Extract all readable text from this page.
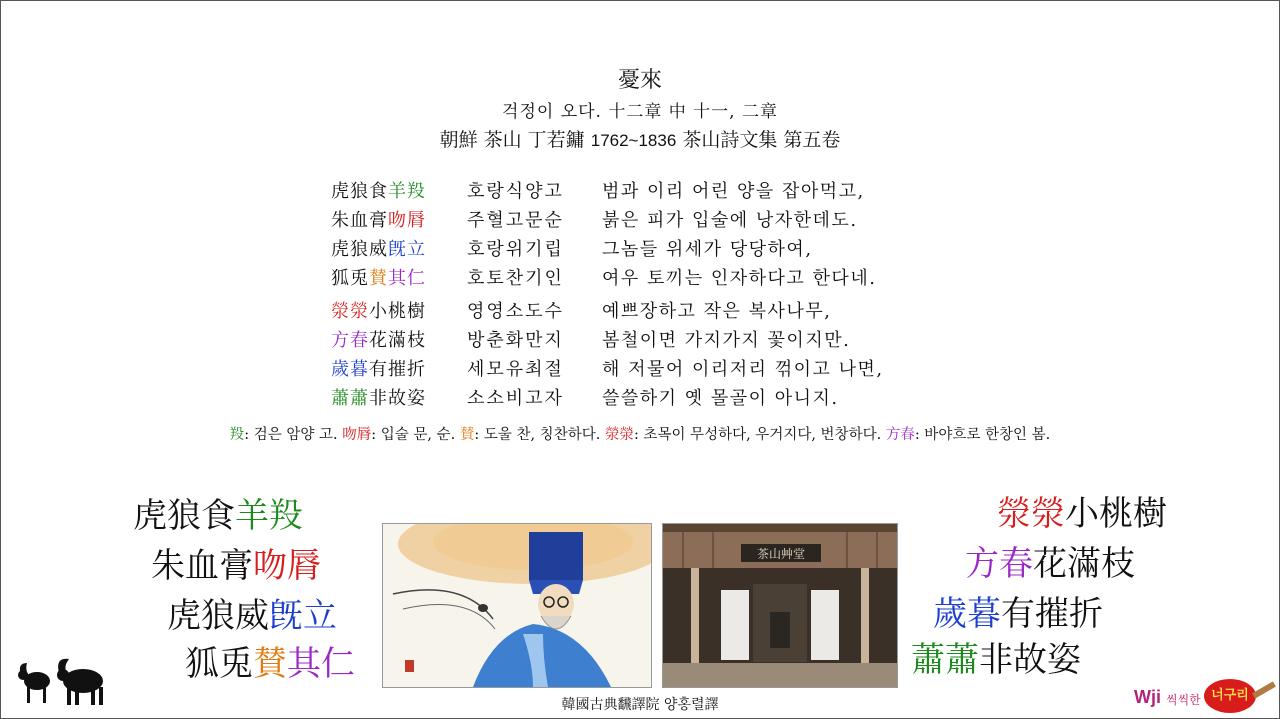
憂來
걱정이 오다. 十二章 中 十一, 二章
朝鮮 茶山 丁若鏞 1762~1836 茶山詩文集 第五卷
虎狼食羊羖 호랑식양고 범과 이리 어린 양을 잡아먹고,
朱血膏吻脣 주혈고문순 붉은 피가 입술에 낭자한데도.
虎狼威旣立 호랑위기립 그놈들 위세가 당당하여,
狐兎賛其仁 호토찬기인 여우 토끼는 인자하다고 한다네.
滎滎小桃樹 영영소도수 예쁘장하고 작은 복사나무,
方春花滿枝 방춘화만지 봄철이면 가지가지 꽃이지만.
歲暮有摧折 세모유최절 해 저물어 이리저리 꺾이고 나면,
蕭蕭非故姿 소소비고자 쓸쓸하기 옛 몰골이 아니지.
羖: 검은 암양 고. 吻脣: 입술 문, 순. 賛: 도울 찬, 칭찬하다. 滎滎: 초목이 무성하다, 우거지다, 번창하다. 方春: 바야흐로 한창인 봄.
虎狼食羊羖
朱血膏吻脣
虎狼威旣立
狐兎賛其仁
滎滎小桃樹
方春花滿枝
歲暮有摧折
蕭蕭非故姿
茶山艸堂
韓國古典飜譯院 양홍렬譯	Wji 씩씩한 너구리
